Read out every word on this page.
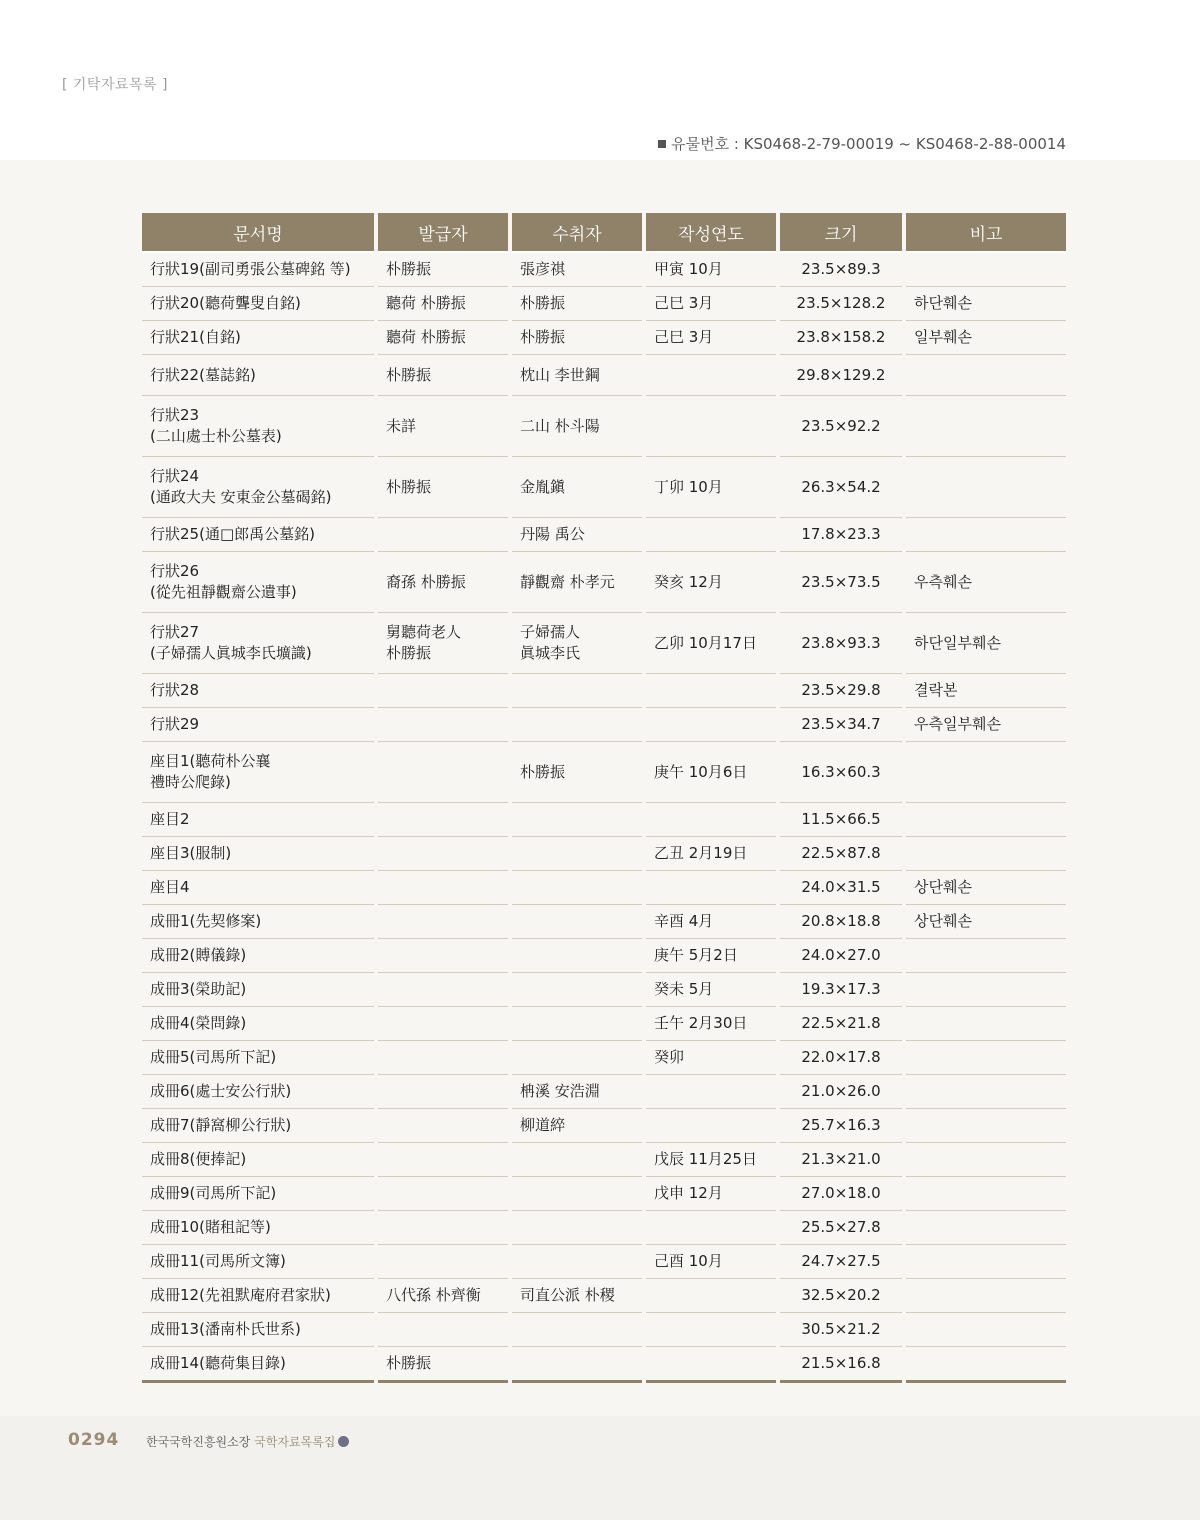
[ 기탁자료목록 ]
유물번호 : KS0468-2-79-00019 ~ KS0468-2-88-00014
문서명	발급자	수취자	작성연도	크기	비고

行狀19(副司勇張公墓碑銘 等)	朴勝振	張彦祺	甲寅 10月	23.5×89.3	

行狀20(聽荷聾叟自銘)	聽荷 朴勝振	朴勝振	己巳 3月	23.5×128.2	하단훼손

行狀21(自銘)	聽荷 朴勝振	朴勝振	己巳 3月	23.8×158.2	일부훼손

行狀22(墓誌銘)	朴勝振	枕山 李世鋼		29.8×129.2	

行狀23
(二山處士朴公墓表)	未詳	二山 朴斗陽		23.5×92.2	

行狀24
(通政大夫 安東金公墓碣銘)	朴勝振	金胤鎭	丁卯 10月	26.3×54.2	

行狀25(通□郎禹公墓銘)		丹陽 禹公		17.8×23.3	

行狀26
(從先祖靜觀齋公遺事)	裔孫 朴勝振	靜觀齋 朴孝元	癸亥 12月	23.5×73.5	우측훼손

行狀27
(子婦孺人眞城李氏壙識)	舅聽荷老人
朴勝振	子婦孺人
眞城李氏	乙卯 10月17日	23.8×93.3	하단일부훼손

行狀28				23.5×29.8	결락본

行狀29				23.5×34.7	우측일부훼손

座目1(聽荷朴公襄
禮時公爬錄)		朴勝振	庚午 10月6日	16.3×60.3	

座目2				11.5×66.5	

座目3(服制)			乙丑 2月19日	22.5×87.8	

座目4				24.0×31.5	상단훼손

成冊1(先契修案)			辛酉 4月	20.8×18.8	상단훼손

成冊2(賻儀錄)			庚午 5月2日	24.0×27.0	

成冊3(榮助記)			癸未 5月	19.3×17.3	

成冊4(榮問錄)			壬午 2月30日	22.5×21.8	

成冊5(司馬所下記)			癸卯	22.0×17.8	

成冊6(處士安公行狀)		柟溪 安浩淵		21.0×26.0	

成冊7(靜窩柳公行狀)		柳道綷		25.7×16.3	

成冊8(便捧記)			戊辰 11月25日	21.3×21.0	

成冊9(司馬所下記)			戊申 12月	27.0×18.0	

成冊10(賭租記等)				25.5×27.8	

成冊11(司馬所文簿)			己酉 10月	24.7×27.5	

成冊12(先祖默庵府君家狀)	八代孫 朴齊衡	司直公派 朴稷		32.5×20.2	

成冊13(潘南朴氏世系)				30.5×21.2	

成冊14(聽荷集目錄)	朴勝振			21.5×16.8	

0294 한국국학진흥원소장 국학자료목록집
